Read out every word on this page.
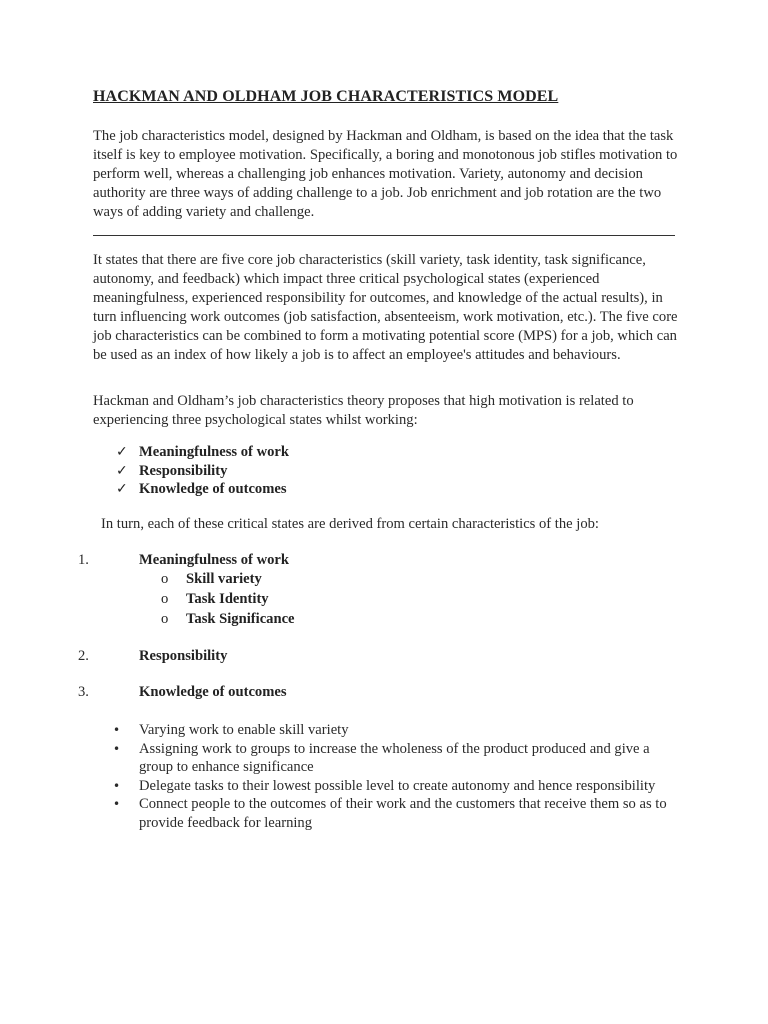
HACKMAN AND OLDHAM JOB CHARACTERISTICS MODEL
The job characteristics model, designed by Hackman and Oldham, is based on the idea that the task itself is key to employee motivation. Specifically, a boring and monotonous job stifles motivation to perform well, whereas a challenging job enhances motivation. Variety, autonomy and decision authority are three ways of adding challenge to a job. Job enrichment and job rotation are the two ways of adding variety and challenge.
It states that there are five core job characteristics (skill variety, task identity, task significance, autonomy, and feedback) which impact three critical psychological states (experienced meaningfulness, experienced responsibility for outcomes, and knowledge of the actual results), in turn influencing work outcomes (job satisfaction, absenteeism, work motivation, etc.). The five core job characteristics can be combined to form a motivating potential score (MPS) for a job, which can be used as an index of how likely a job is to affect an employee's attitudes and behaviours.
Hackman and Oldham’s job characteristics theory proposes that high motivation is related to experiencing three psychological states whilst working:
✓ Meaningfulness of work
✓ Responsibility
✓ Knowledge of outcomes
In turn, each of these critical states are derived from certain characteristics of the job:
1.	Meaningfulness of work
o	Skill variety
o	Task Identity
o	Task Significance
2.	Responsibility
3.	Knowledge of outcomes
•	Varying work to enable skill variety
•	Assigning work to groups to increase the wholeness of the product produced and give a group to enhance significance
•	Delegate tasks to their lowest possible level to create autonomy and hence responsibility
•	Connect people to the outcomes of their work and the customers that receive them so as to provide feedback for learning
